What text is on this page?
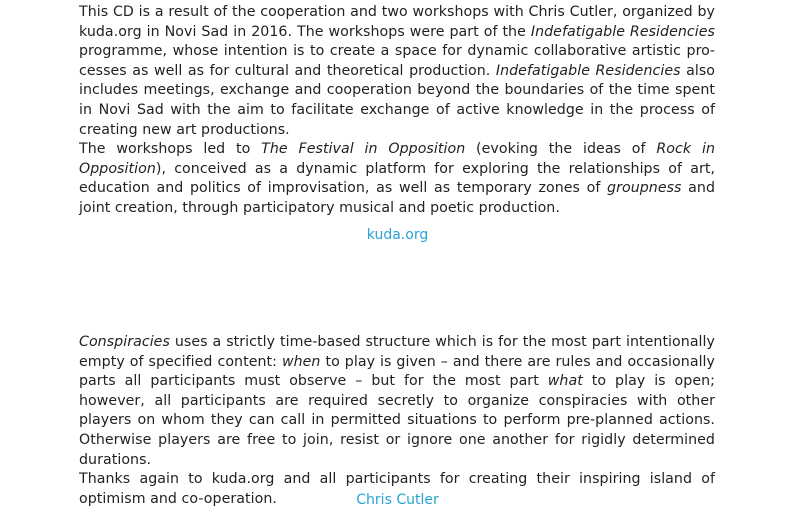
This CD is a result of the cooperation and two workshops with Chris Cutler, organized by kuda.org in Novi Sad in 2016. The workshops were part of the Indefatigable Residencies programme, whose intention is to create a space for dynamic collaborative artistic processes as well as for cultural and theoretical production. Indefatigable Residencies also includes meetings, exchange and cooperation beyond the boundaries of the time spent in Novi Sad with the aim to facilitate exchange of active knowledge in the process of creating new art productions.
The workshops led to The Festival in Opposition (evoking the ideas of Rock in Opposition), conceived as a dynamic platform for exploring the relationships of art, education and politics of improvisation, as well as temporary zones of groupness and joint creation, through participatory musical and poetic production.
kuda.org
Conspiracies uses a strictly time-based structure which is for the most part intentionally empty of specified content: when to play is given – and there are rules and occasionally parts all participants must observe – but for the most part what to play is open; however, all participants are required secretly to organize conspiracies with other players on whom they can call in permitted situations to perform pre-planned actions. Otherwise players are free to join, resist or ignore one another for rigidly determined durations.
Thanks again to kuda.org and all participants for creating their inspiring island of optimism and co-operation.	Chris Cutler
